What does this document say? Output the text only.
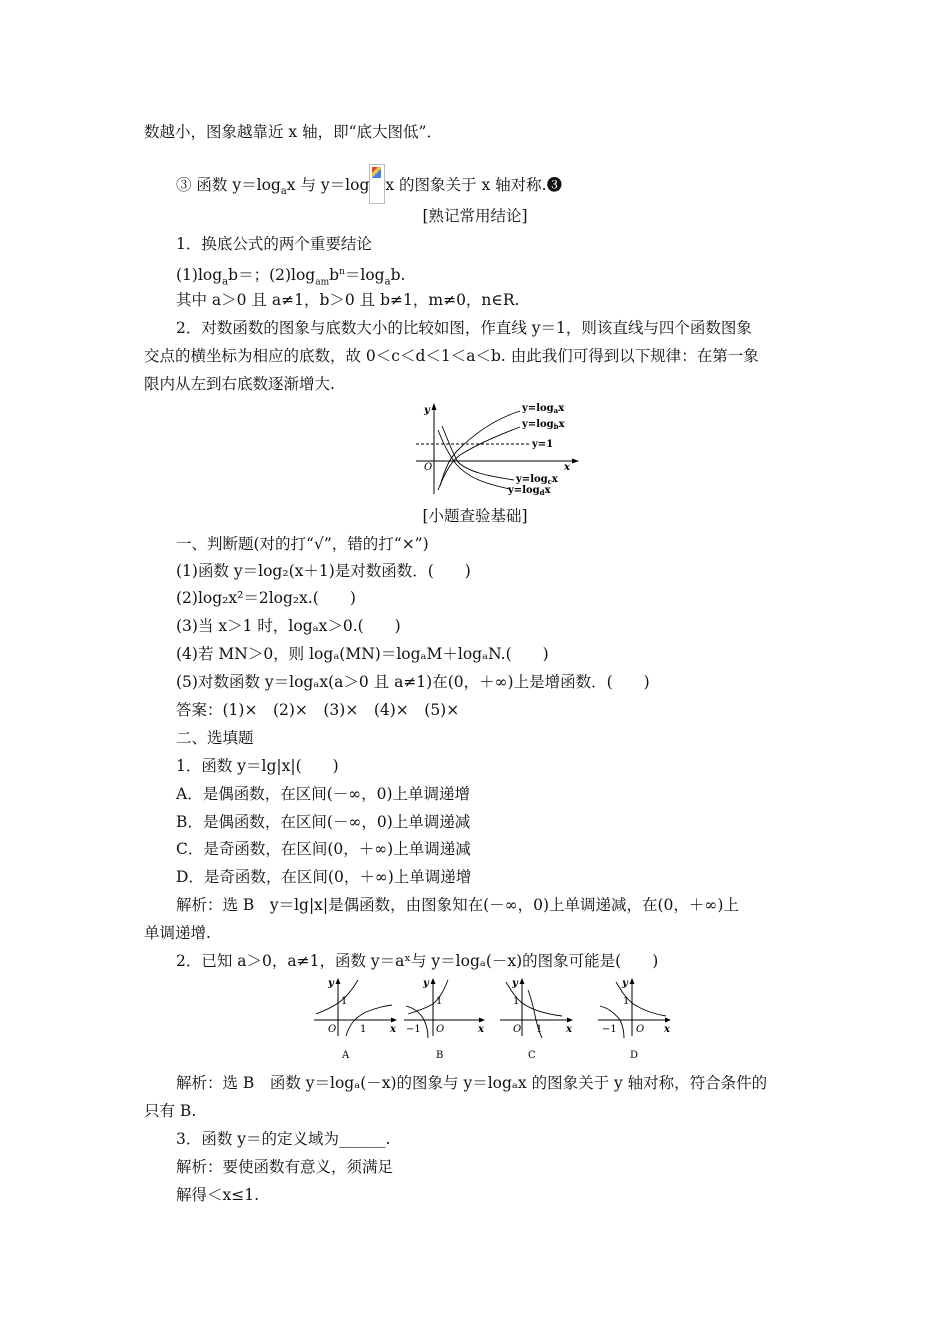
数越小，图象越靠近 x 轴，即“底大图低”．
③ 函数 $y=\log_ax$ 与 y＝log x 的图象关于 x 轴对称.❸
[熟记常用结论]
1．换底公式的两个重要结论
$(1)\log_ab=$；$(2)\log_{am}b^n=\log_ab$.
其中 a＞0 且 a≠1，b＞0 且 b≠1，m≠0，n∈R.
2．对数函数的图象与底数大小的比较如图，作直线 y＝1，则该直线与四个函数图象
交点的横坐标为相应的底数，故 0＜c＜d＜1＜a＜b. 由此我们可得到以下规律：在第一象
限内从左到右底数逐渐增大.
y
x
O
$y=\log_ax$
$y=\log_bx$
y=1
$y=\log_cx$
$y=\log_dx$
[小题查验基础]
一、判断题(对的打“√”，错的打“×”)
(1)函数 y＝log₂(x＋1)是对数函数．(　　)
(2)log₂x²＝2log₂x.(　　)
(3)当 x＞1 时，logₐx＞0.(　　)
(4)若 MN＞0，则 logₐ(MN)＝logₐM＋logₐN.(　　)
(5)对数函数 y＝logₐx(a＞0 且 a≠1)在(0，＋∞)上是增函数．(　　)
答案：(1)×　(2)×　(3)×　(4)×　(5)×
二、选填题
1．函数 y＝lg|x|(　　)
A．是偶函数，在区间(－∞，0)上单调递增
B．是偶函数，在区间(－∞，0)上单调递减
C．是奇函数，在区间(0，＋∞)上单调递减
D．是奇函数，在区间(0，＋∞)上单调递增
解析：选 B　y＝lg|x|是偶函数，由图象知在(－∞，0)上单调递减，在(0，＋∞)上
单调递增.
2．已知 a＞0，a≠1，函数 y＝aˣ与 y＝logₐ(－x)的图象可能是(　　)
y
x
1
O 1
A
y
x
1
O
−1
B
y
x
1
O 1
C
y
x
1
O
−1
D
解析：选 B　函数 y＝logₐ(－x)的图象与 y＝logₐx 的图象关于 y 轴对称，符合条件的
只有 B.
3．函数 y＝的定义域为______.
解析：要使函数有意义，须满足
解得＜x≤1.
